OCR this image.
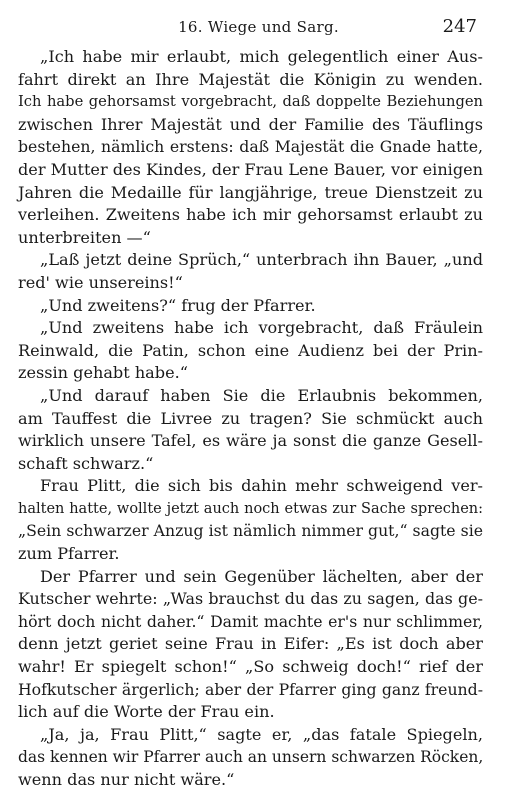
16. Wiege und Sarg.	247
„Ich habe mir erlaubt, mich gelegentlich einer Aus-
fahrt direkt an Ihre Majestät die Königin zu wenden.
Ich habe gehorsamst vorgebracht, daß doppelte Beziehungen
zwischen Ihrer Majestät und der Familie des Täuflings
bestehen, nämlich erstens: daß Majestät die Gnade hatte,
der Mutter des Kindes, der Frau Lene Bauer, vor einigen
Jahren die Medaille für langjährige, treue Dienstzeit zu
verleihen. Zweitens habe ich mir gehorsamst erlaubt zu
unterbreiten —“
„Laß jetzt deine Sprüch,“ unterbrach ihn Bauer, „und
red' wie unsereins!“
„Und zweitens?“ frug der Pfarrer.
„Und zweitens habe ich vorgebracht, daß Fräulein
Reinwald, die Patin, schon eine Audienz bei der Prin-
zessin gehabt habe.“
„Und darauf haben Sie die Erlaubnis bekommen,
am Tauffest die Livree zu tragen? Sie schmückt auch
wirklich unsere Tafel, es wäre ja sonst die ganze Gesell-
schaft schwarz.“
Frau Plitt, die sich bis dahin mehr schweigend ver-
halten hatte, wollte jetzt auch noch etwas zur Sache sprechen:
„Sein schwarzer Anzug ist nämlich nimmer gut,“ sagte sie
zum Pfarrer.
Der Pfarrer und sein Gegenüber lächelten, aber der
Kutscher wehrte: „Was brauchst du das zu sagen, das ge-
hört doch nicht daher.“ Damit machte er's nur schlimmer,
denn jetzt geriet seine Frau in Eifer: „Es ist doch aber
wahr! Er spiegelt schon!“ „So schweig doch!“ rief der
Hofkutscher ärgerlich; aber der Pfarrer ging ganz freund-
lich auf die Worte der Frau ein.
„Ja, ja, Frau Plitt,“ sagte er, „das fatale Spiegeln,
das kennen wir Pfarrer auch an unsern schwarzen Röcken,
wenn das nur nicht wäre.“
